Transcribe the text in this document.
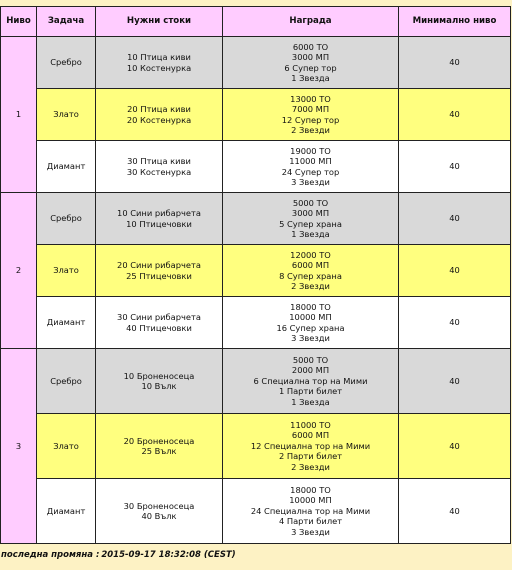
Ниво	Задача	Нужни стоки	Награда	Минимално ниво
1	Сребро	10 Птица киви
10 Костенурка	6000 ТО
3000 МП
6 Супер тор
1 Звезда	40
	Злато	20 Птица киви
20 Костенурка	13000 ТО
7000 МП
12 Супер тор
2 Звезди	40
	Диамант	30 Птица киви
30 Костенурка	19000 ТО
11000 МП
24 Супер тор
3 Звезди	40
2	Сребро	10 Сини рибарчета
10 Птицечовки	5000 ТО
3000 МП
5 Супер храна
1 Звезда	40
	Злато	20 Сини рибарчета
25 Птицечовки	12000 ТО
6000 МП
8 Супер храна
2 Звезди	40
	Диамант	30 Сини рибарчета
40 Птицечовки	18000 ТО
10000 МП
16 Супер храна
3 Звезди	40
3	Сребро	10 Броненосеца
10 Вълк	5000 ТО
2000 МП
6 Специална тор на Мими
1 Парти билет
1 Звезда	40
	Злато	20 Броненосеца
25 Вълк	11000 ТО
6000 МП
12 Специална тор на Мими
2 Парти билет
2 Звезди	40
	Диамант	30 Броненосеца
40 Вълк	18000 ТО
10000 МП
24 Специална тор на Мими
4 Парти билет
3 Звезди	40
последна промяна : 2015-09-17 18:32:08 (CEST)
